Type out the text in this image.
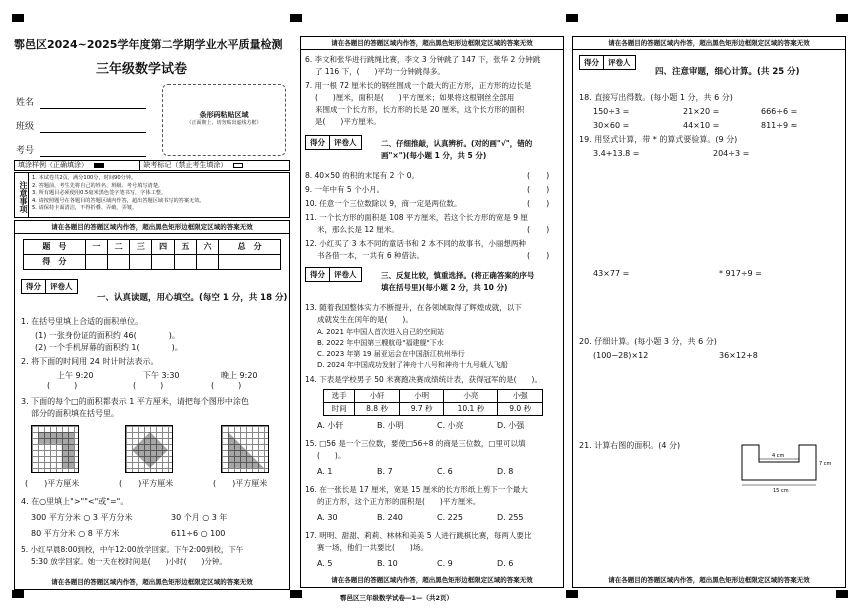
鄠邑区2024~2025学年度第二学期学业水平质量检测
三年级数学试卷
姓名
班级
考号
条形码粘贴区域
（正面朝上，切勿贴出虚线方框）
填涂样例（正确填涂）	缺考标记（禁止考生填涂）
注意事项
1. 本试卷共2页，满分100分，时间90分钟。
2. 答题前，考生先将自己的姓名、班级、考号填写清楚。
3. 所有题目必须使用0.5毫米黑色签字笔书写，字体工整。
4. 请按照题号在各题目的答题区域内作答，超出答题区域书写的答案无效。
5. 请保持卡面清洁，不得折叠、弄破、弄皱。
请在各题目的答题区域内作答，超出黑色矩形边框限定区域的答案无效
题　号	一	二	三	四	五	六	总　分
得　分							
得分	评卷人
一、认真读题，用心填空。(每空 1 分，共 18 分)
1. 在括号里填上合适的面积单位。
(1) 一张身份证的面积约 46(　　　　)。
(2) 一个手机屏幕的面积约 1(　　　　)。
2. 将下面的时间用 24 时计时法表示。
上午 9:20	下午 3:30	晚上 9:20
(　　　)	(　　　)	(　　　)
3. 下面的每个□的面积都表示 1 平方厘米，请把每个图形中涂色
部分的面积填在括号里。
(　　)平方厘米	(　　)平方厘米	(　　)平方厘米
4. 在○里填上">""<"或"="。
300 平方分米 ○ 3 平方分米	30 个月 ○ 3 年
80 平方分米 ○ 8 平方米	611÷6 ○ 100
5. 小红早晨8:00到校，中午12:00放学回家。下午2:00到校，下午
5:30 放学回家。她一天在校时间是(　　)小时(　　)分钟。
请在各题目的答题区域内作答，超出黑色矩形边框限定区域的答案无效
请在各题目的答题区域内作答，超出黑色矩形边框限定区域的答案无效
6. 李文和张华进行跳绳比赛，李文 3 分钟跳了 147 下，张华 2 分钟跳
了 116 下，(　　)平均一分钟跳得多。
7. 用一根 72 厘米长的钢丝围成一个最大的正方形，正方形的边长是
(　　)厘米，面积是(　　)平方厘米；如果将这根钢丝全部用
来围成一个长方形，长方形的长是 20 厘米，这个长方形的面积
是(　　)平方厘米。
得分	评卷人	二、仔细推敲，认真辨析。(对的画"√"，错的
画"×")(每小题 1 分，共 5 分)
8. 40×50 的积的末尾有 2 个 0。	(　　)
9. 一年中有 5 个小月。	(　　)
10. 任意一个三位数除以 9，商一定是两位数。	(　　)
11. 一个长方形的面积是 108 平方厘米，若这个长方形的宽是 9 厘
米，那么长是 12 厘米。	(　　)
12. 小红买了 3 本不同的童话书和 2 本不同的故事书，小丽想两种
书各借一本，一共有 6 种借法。	(　　)
得分	评卷人	三、反复比较，慎重选择。(将正确答案的序号
填在括号里)(每小题 2 分，共 10 分)
13. 随着我国整体实力不断提升，在各领域取得了辉煌成就，以下
成就发生在闰年的是(　　)。
A. 2021 年中国人首次进入自己的空间站
B. 2022 年中国第三艘航母"福建舰"下水
C. 2023 年第 19 届亚运会在中国浙江杭州举行
D. 2024 年中国成功发射了神舟十八号和神舟十九号载人飞船
14. 下表是学校男子 50 米赛跑决赛成绩统计表，获得冠军的是(　　)。
选手	小轩	小明	小亮	小强
时间	8.8 秒	9.7 秒	10.1 秒	9.0 秒
A. 小轩	B. 小明	C. 小亮	D. 小强
15. □56 是一个三位数，要使□56÷8 的商是三位数，□里可以填
(　　)。
A. 1	B. 7	C. 6	D. 8
16. 在一张长是 17 厘米，宽是 15 厘米的长方形纸上剪下一个最大
的正方形，这个正方形的面积是(　　)平方厘米。
A. 30	B. 240	C. 225	D. 255
17. 明明、甜甜、莉莉、林林和美美 5 人进行跳棋比赛，每两人要比
赛一场，他们一共要比(　　)场。
A. 5	B. 10	C. 9	D. 6
请在各题目的答题区域内作答，超出黑色矩形边框限定区域的答案无效
请在各题目的答题区域内作答，超出黑色矩形边框限定区域的答案无效
得分	评卷人
四、注意审题，细心计算。(共 25 分)
18. 直接写出得数。(每小题 1 分，共 6 分)
150÷3 =	21×20 =	666÷6 =
30×60 =	44×10 =	811÷9 ≈
19. 用竖式计算，带 * 的算式要验算。(9 分)
3.4+13.8 =	204÷3 =
43×77 =	* 917÷9 =
20. 仔细计算。(每小题 3 分，共 6 分)
(100−28)×12	36×12+8
21. 计算右图的面积。(4 分)
4 cm
7 cm
15 cm
请在各题目的答题区域内作答，超出黑色矩形边框限定区域的答案无效
鄠邑区三年级数学试卷—1—（共2页）
